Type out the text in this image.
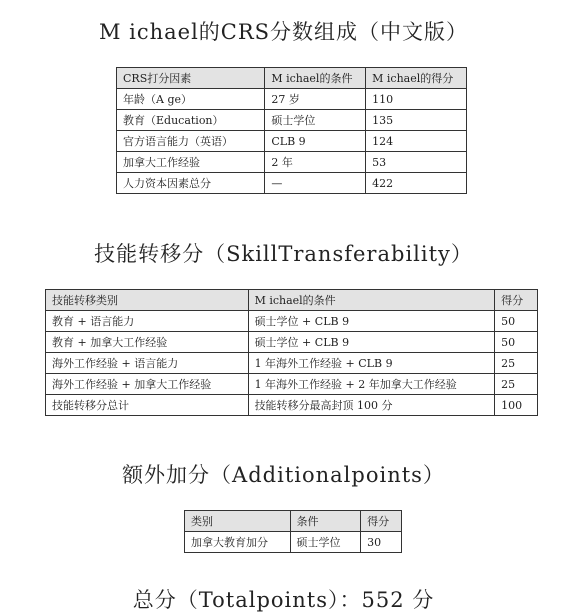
M ichael的CRS分数组成（中文版）
CRS打分因素	M ichael的条件	M ichael的得分
年龄（A ge）	27 岁	110
教育（Education）	硕士学位	135
官方语言能力（英语）	CLB 9	124
加拿大工作经验	2 年	53
人力资本因素总分	—	422
技能转移分（SkillTransferability）
技能转移类别	M ichael的条件	得分
教育 + 语言能力	硕士学位 + CLB 9	50
教育 + 加拿大工作经验	硕士学位 + CLB 9	50
海外工作经验 + 语言能力	1 年海外工作经验 + CLB 9	25
海外工作经验 + 加拿大工作经验	1 年海外工作经验 + 2 年加拿大工作经验	25
技能转移分总计	技能转移分最高封顶 100 分	100
额外加分（Additionalpoints）
类别	条件	得分
加拿大教育加分	硕士学位	30
总分（Totalpoints）：552 分
